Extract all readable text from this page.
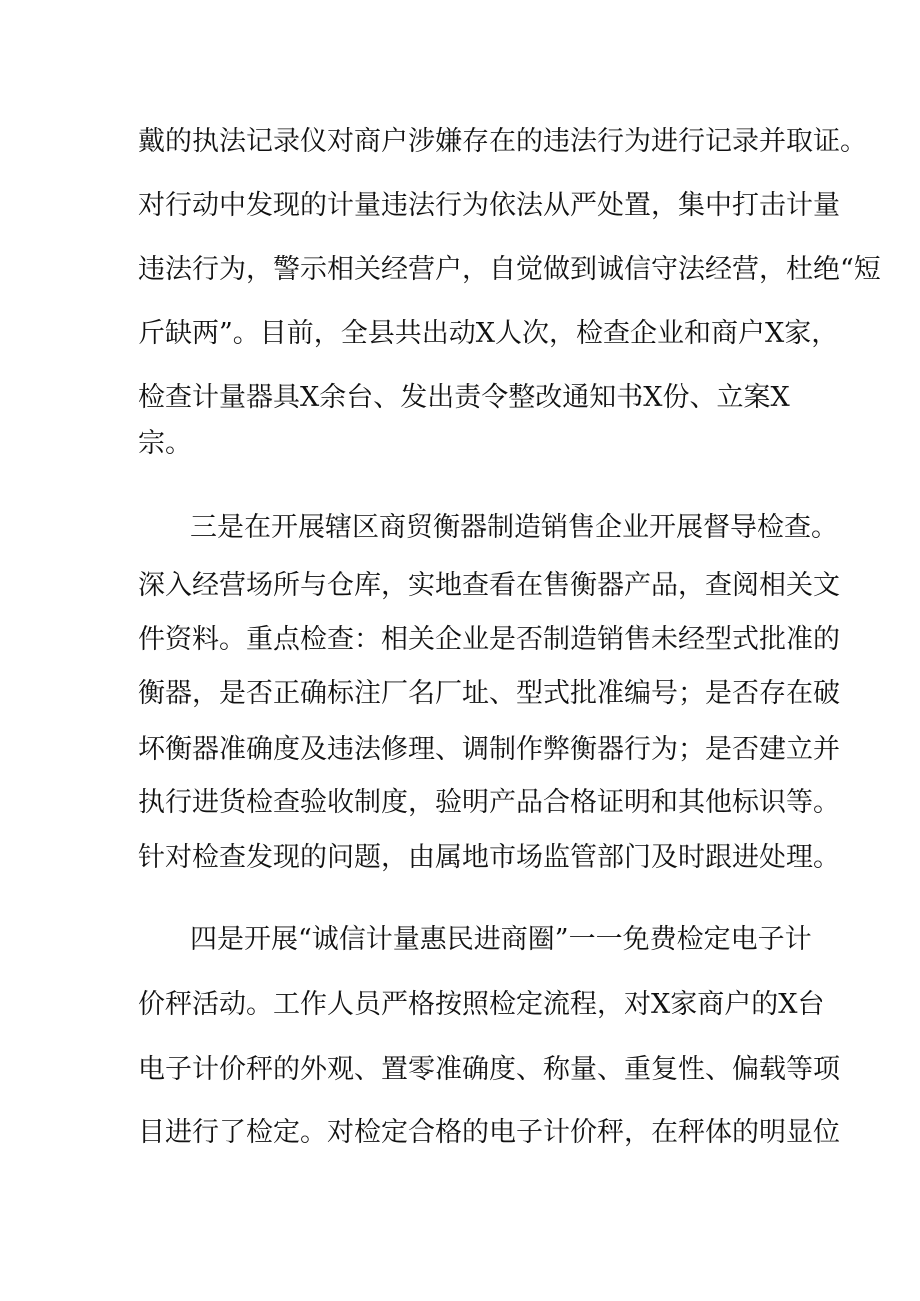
戴的执法记录仪对商户涉嫌存在的违法行为进行记录并取证。
对行动中发现的计量违法行为依法从严处置，集中打击计量
违法行为，警示相关经营户，自觉做到诚信守法经营，杜绝“短
斤缺两”。目前，全县共出动X人次，检查企业和商户X家，
检查计量器具X余台、发出责令整改通知书X份、立案X
宗。
三是在开展辖区商贸衡器制造销售企业开展督导检查。
深入经营场所与仓库，实地查看在售衡器产品，查阅相关文
件资料。重点检查：相关企业是否制造销售未经型式批准的
衡器，是否正确标注厂名厂址、型式批准编号；是否存在破
坏衡器准确度及违法修理、调制作弊衡器行为；是否建立并
执行进货检查验收制度，验明产品合格证明和其他标识等。
针对检查发现的问题，由属地市场监管部门及时跟进处理。
四是开展“诚信计量惠民进商圈”一一免费检定电子计
价秤活动。工作人员严格按照检定流程，对X家商户的X台
电子计价秤的外观、置零准确度、称量、重复性、偏载等项
目进行了检定。对检定合格的电子计价秤，在秤体的明显位
